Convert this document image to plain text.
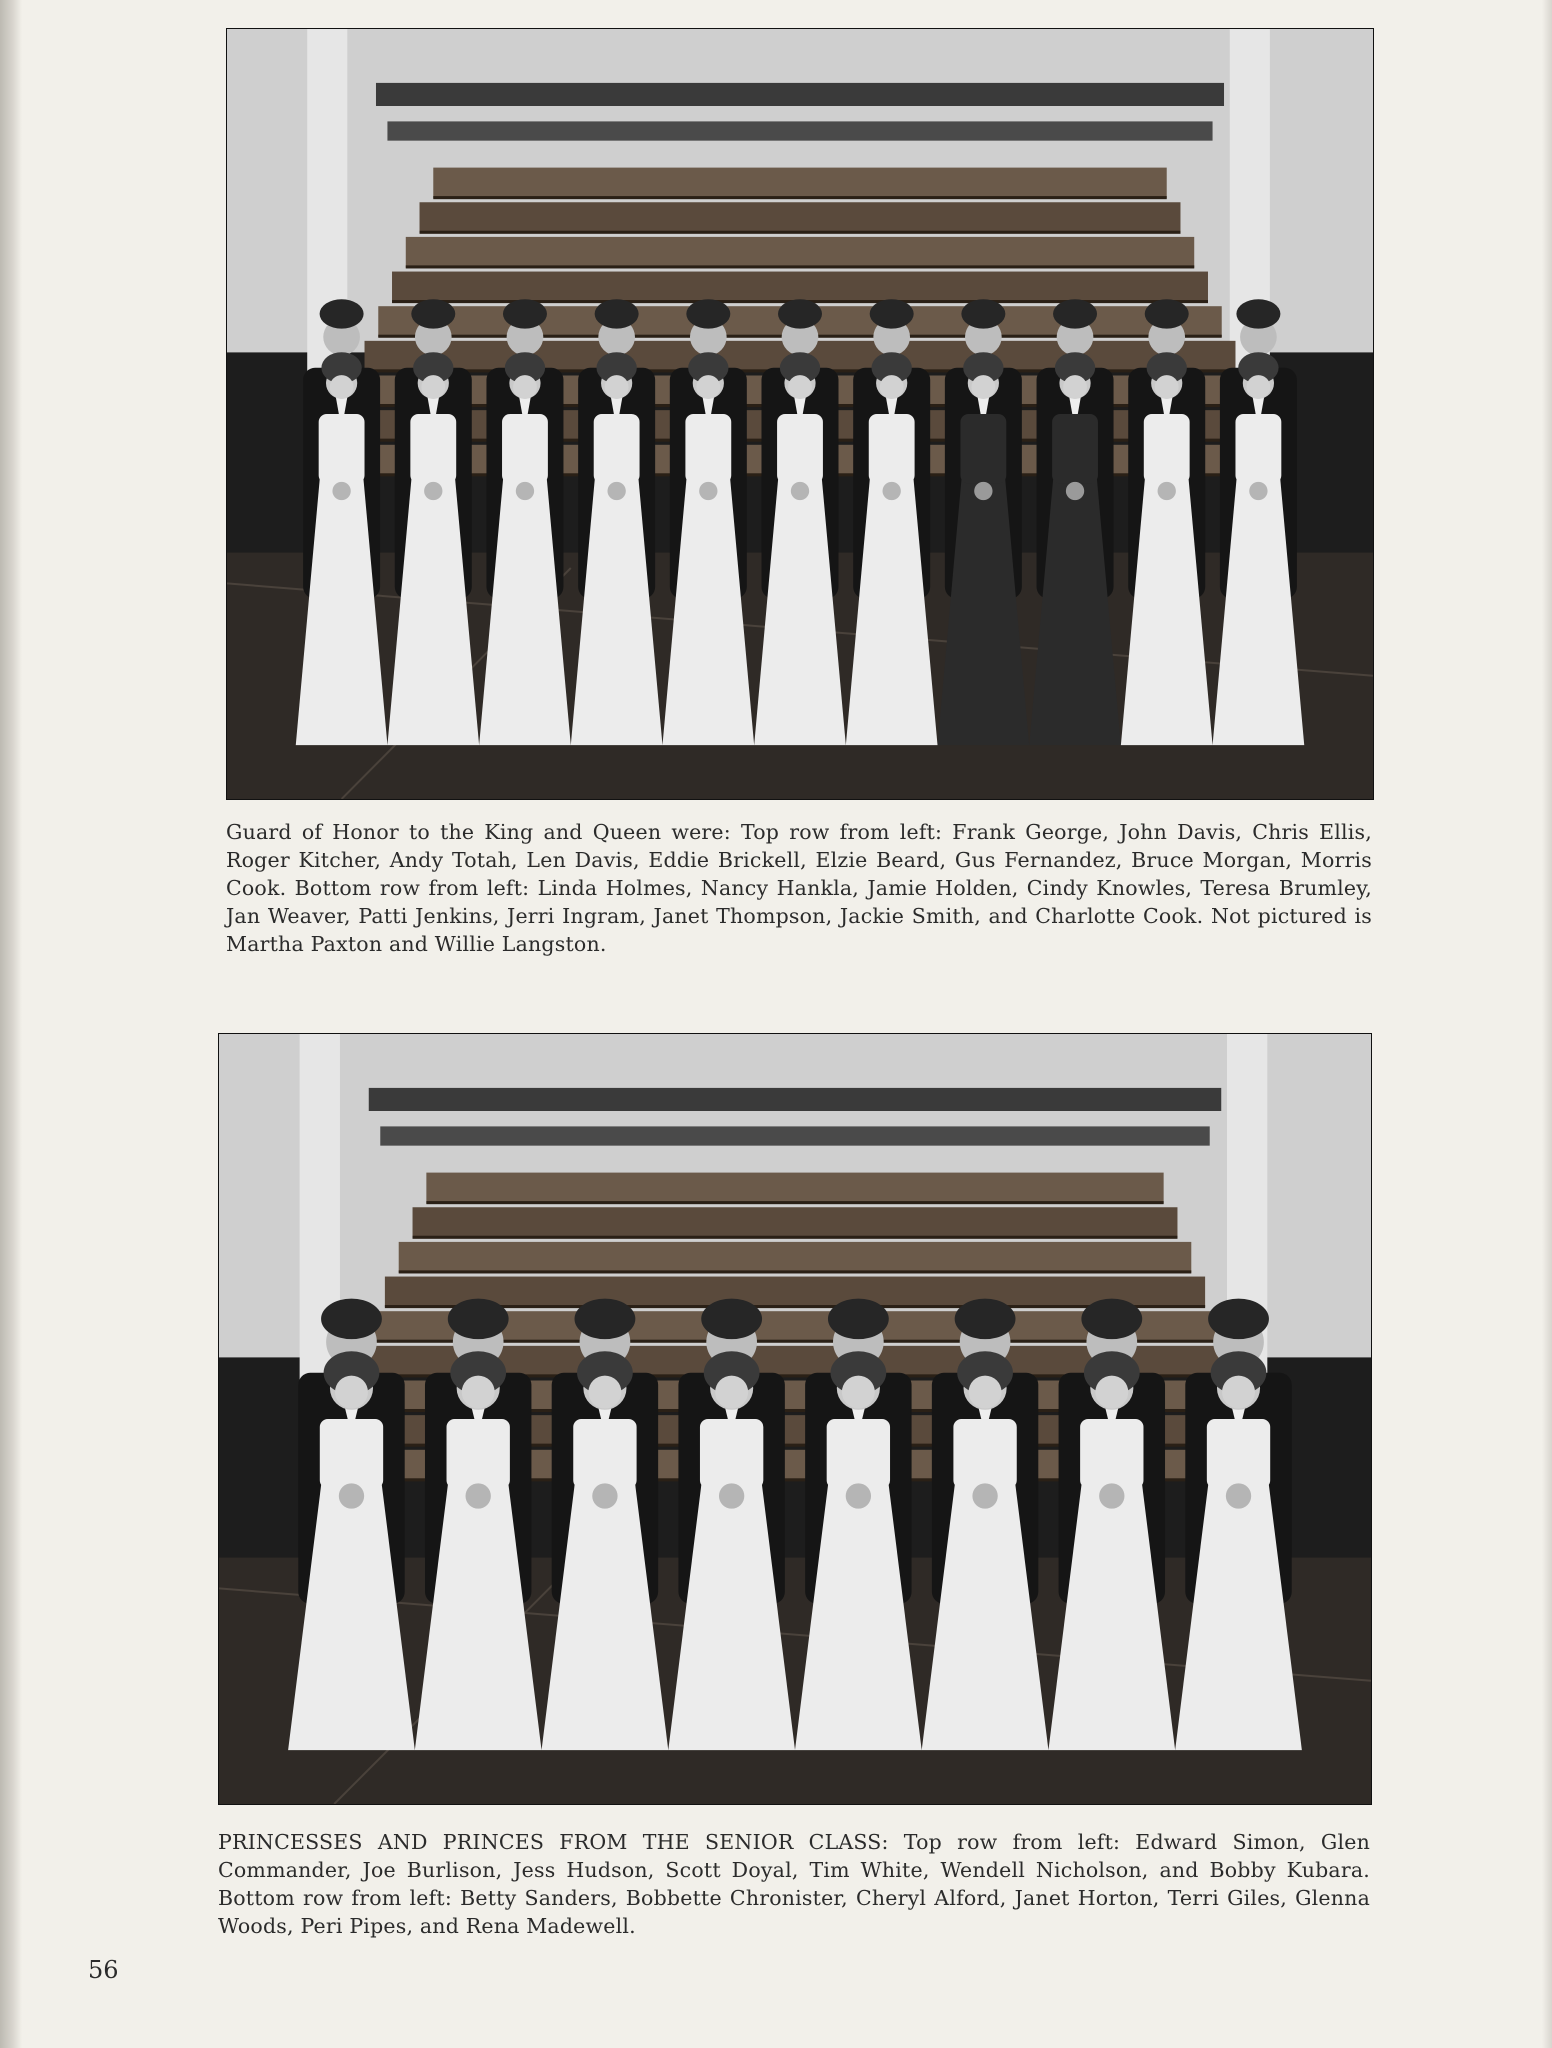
Guard of Honor to the King and Queen were: Top row from left: Frank George, John Davis, Chris Ellis, Roger Kitcher, Andy Totah, Len Davis, Eddie Brickell, Elzie Beard, Gus Fernandez, Bruce Morgan, Morris Cook. Bottom row from left: Linda Holmes, Nancy Hankla, Jamie Holden, Cindy Knowles, Teresa Brumley, Jan Weaver, Patti Jenkins, Jerri Ingram, Janet Thompson, Jackie Smith, and Charlotte Cook. Not pictured is Martha Paxton and Willie Langston.

PRINCESSES AND PRINCES FROM THE SENIOR CLASS: Top row from left: Edward Simon, Glen Commander, Joe Burlison, Jess Hudson, Scott Doyal, Tim White, Wendell Nicholson, and Bobby Kubara. Bottom row from left: Betty Sanders, Bobbette Chronister, Cheryl Alford, Janet Horton, Terri Giles, Glenna Woods, Peri Pipes, and Rena Madewell.

56
